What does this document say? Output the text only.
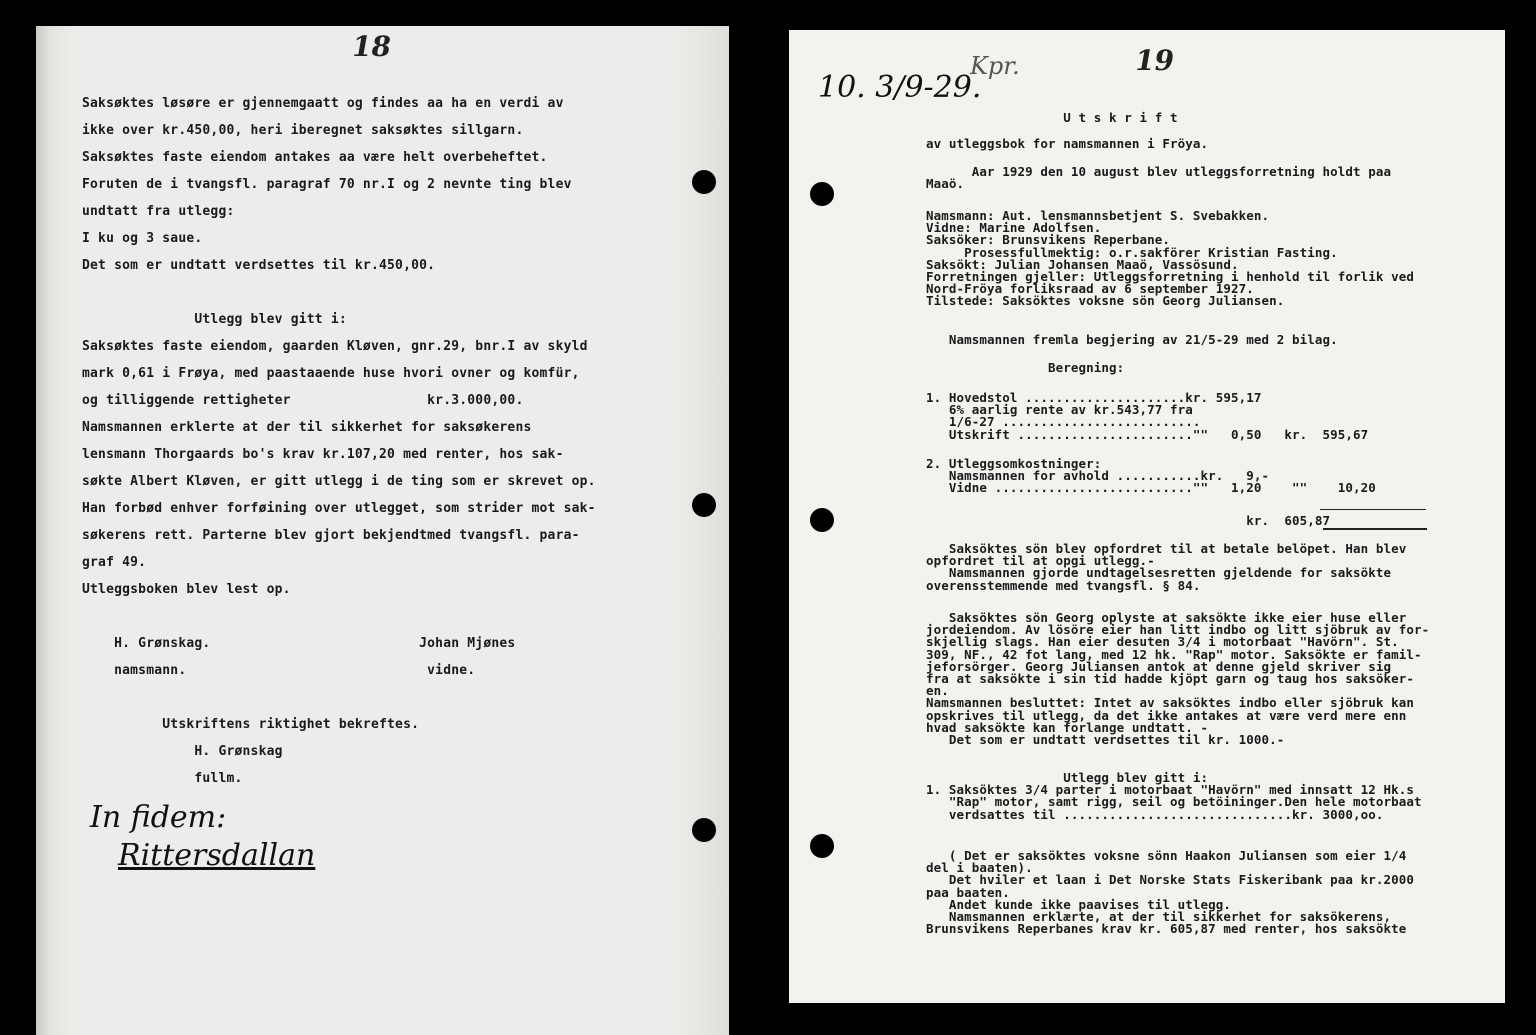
18
Saksøktes løsøre er gjennemgaatt og findes aa ha en verdi av
ikke over kr.450,00, heri iberegnet saksøktes sillgarn.
Saksøktes faste eiendom antakes aa være helt overbeheftet.
Foruten de i tvangsfl. paragraf 70 nr.I og 2 nevnte ting blev
undtatt fra utlegg:
I ku og 3 saue.
Det som er undtatt verdsettes til kr.450,00.

Utlegg blev gitt i:
Saksøktes faste eiendom, gaarden Kløven, gnr.29, bnr.I av skyld
mark 0,61 i Frøya, med paastaaende huse hvori ovner og komfür,
og tilliggende rettigheter                 kr.3.000,00.
Namsmannen erklerte at der til sikkerhet for saksøkerens
lensmann Thorgaards bo's krav kr.107,20 med renter, hos sak-
søkte Albert Kløven, er gitt utlegg i de ting som er skrevet op.
Han forbød enhver forføining over utlegget, som strider mot sak-
søkerens rett. Parterne blev gjort bekjendtmed tvangsfl. para-
graf 49.
Utleggsboken blev lest op.

H. Grønskag.                          Johan Mjønes
namsmann.                              vidne.

Utskriftens riktighet bekreftes.
H. Grønskag
fullm.
In fidem:
Rittersdallan
10. 3/9-29.
Kpr.	19
U t s k r i f t
av utleggsbok for namsmannen i Fröya.
Aar 1929 den 10 august blev utleggsforretning holdt paa
Maaö.
Namsmann: Aut. lensmannsbetjent S. Svebakken.
Vidne: Marine Adolfsen.
Saksöker: Brunsvikens Reperbane.
Prosessfullmektig: o.r.sakförer Kristian Fasting.
Saksökt: Julian Johansen Maaö, Vassösund.
Forretningen gjeller: Utleggsforretning i henhold til forlik ved
Nord-Fröya forliksraad av 6 september 1927.
Tilstede: Saksöktes voksne sön Georg Juliansen.
Namsmannen fremla begjering av 21/5-29 med 2 bilag.
Beregning:
1. Hovedstol .....................kr. 595,17
6% aarlig rente av kr.543,77 fra
1/6-27 ..........................
Utskrift .......................""   0,50   kr.  595,67
2. Utleggsomkostninger:
Namsmannen for avhold ...........kr.   9,-
Vidne ..........................""   1,20    ""    10,20
kr.  605,87
Saksöktes sön blev opfordret til at betale belöpet. Han blev
opfordret til at opgi utlegg.-
Namsmannen gjorde undtagelsesretten gjeldende for saksökte
overensstemmende med tvangsfl. § 84.
Saksöktes sön Georg oplyste at saksökte ikke eier huse eller
jordeiendom. Av lösöre eier han litt indbo og litt sjöbruk av for-
skjellig slags. Han eier desuten 3/4 i motorbaat "Havörn". St.
309, NF., 42 fot lang, med 12 hk. "Rap" motor. Saksökte er famil-
jeforsörger. Georg Juliansen antok at denne gjeld skriver sig
fra at saksökte i sin tid hadde kjöpt garn og taug hos saksöker-
en.
Namsmannen besluttet: Intet av saksöktes indbo eller sjöbruk kan
opskrives til utlegg, da det ikke antakes at være verd mere enn
hvad saksökte kan forlange undtatt. -
Det som er undtatt verdsettes til kr. 1000.-
Utlegg blev gitt i:
1. Saksöktes 3/4 parter i motorbaat "Havörn" med innsatt 12 Hk.s
"Rap" motor, samt rigg, seil og betöininger.Den hele motorbaat
verdsattes til ..............................kr. 3000,oo.
( Det er saksöktes voksne sönn Haakon Juliansen som eier 1/4
del i baaten).
Det hviler et laan i Det Norske Stats Fiskeribank paa kr.2000
paa baaten.
Andet kunde ikke paavises til utlegg.
Namsmannen erklærte, at der til sikkerhet for saksökerens,
Brunsvikens Reperbanes krav kr. 605,87 med renter, hos saksökte
